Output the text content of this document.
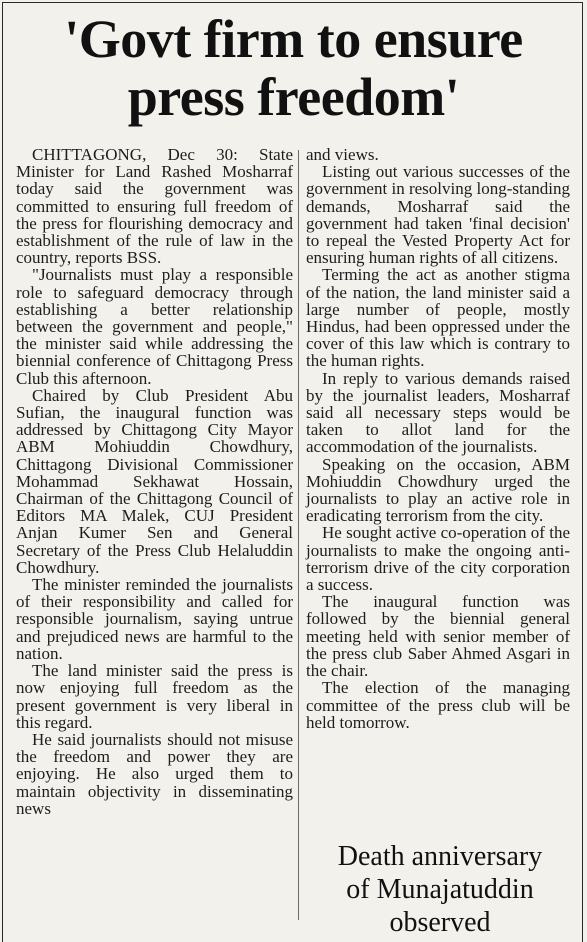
'Govt firm to ensure
press freedom'

CHITTAGONG, Dec 30: State Minister for Land Rashed Mosharraf today said the government was committed to ensuring full freedom of the press for flourishing democracy and establishment of the rule of law in the country, reports BSS.

"Journalists must play a responsible role to safeguard democracy through establishing a better relationship between the government and people," the minister said while addressing the biennial conference of Chittagong Press Club this afternoon.

Chaired by Club President Abu Sufian, the inaugural function was addressed by Chittagong City Mayor ABM Mohiuddin Chowdhury, Chittagong Divisional Commissioner Mohammad Sekhawat Hossain, Chairman of the Chittagong Council of Editors MA Malek, CUJ President Anjan Kumer Sen and General Secretary of the Press Club Helaluddin Chowdhury.

The minister reminded the journalists of their responsibility and called for responsible journalism, saying untrue and prejudiced news are harmful to the nation.

The land minister said the press is now enjoying full freedom as the present government is very liberal in this regard.

He said journalists should not misuse the freedom and power they are enjoying. He also urged them to maintain objectivity in disseminating news

and views.

Listing out various successes of the government in resolving long-standing demands, Mosharraf said the government had taken 'final decision' to repeal the Vested Property Act for ensuring human rights of all citizens.

Terming the act as another stigma of the nation, the land minister said a large number of people, mostly Hindus, had been oppressed under the cover of this law which is contrary to the human rights.

In reply to various demands raised by the journalist leaders, Mosharraf said all necessary steps would be taken to allot land for the accommodation of the journalists.

Speaking on the occasion, ABM Mohiuddin Chowdhury urged the journalists to play an active role in eradicating terrorism from the city.

He sought active co-operation of the journalists to make the ongoing anti-terrorism drive of the city corporation a success.

The inaugural function was followed by the biennial general meeting held with senior member of the press club Saber Ahmed Asgari in the chair.

The election of the managing committee of the press club will be held tomorrow.

Death anniversary
of Munajatuddin
observed
